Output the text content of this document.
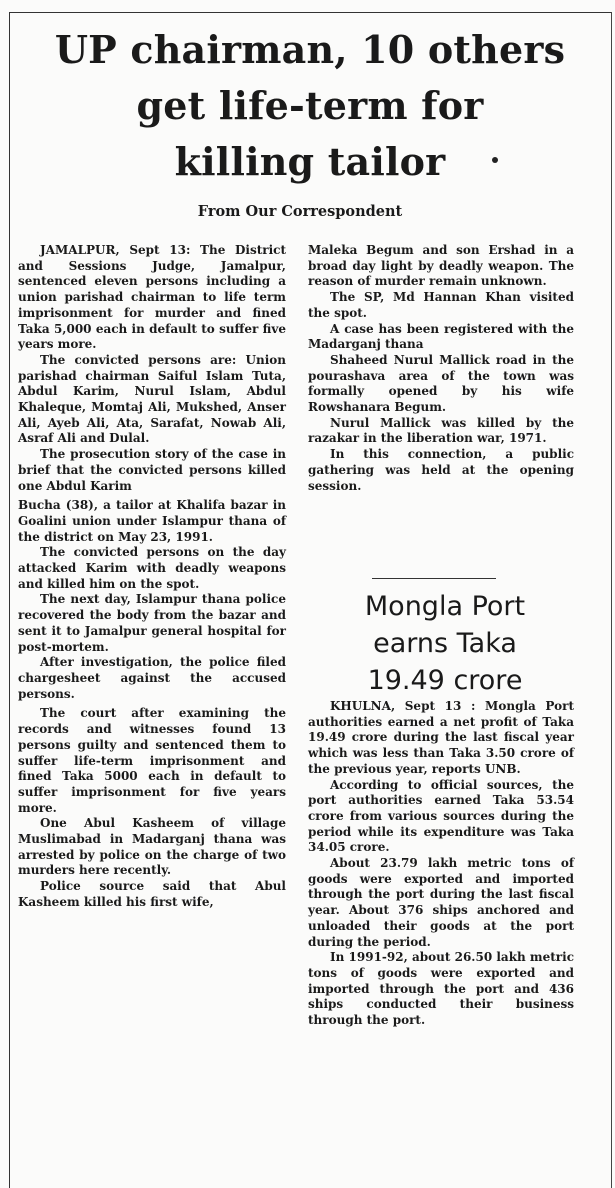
UP chairman, 10 others
get life-term for
killing tailor

From Our Correspondent

JAMALPUR, Sept 13: The District and Sessions Judge, Jamalpur, sentenced eleven persons including a union parishad chairman to life term imprisonment for murder and fined Taka 5,000 each in default to suffer five years more.

The convicted persons are: Union parishad chairman Saiful Islam Tuta, Abdul Karim, Nurul Islam, Abdul Khaleque, Momtaj Ali, Mukshed, Anser Ali, Ayeb Ali, Ata, Sarafat, Nowab Ali, Asraf Ali and Dulal.

The prosecution story of the case in brief that the convicted persons killed one Abdul Karim

Bucha (38), a tailor at Khalifa bazar in Goalini union under Islampur thana of the district on May 23, 1991.

The convicted persons on the day attacked Karim with deadly weapons and killed him on the spot.

The next day, Islampur thana police recovered the body from the bazar and sent it to Jamalpur general hospital for post-mortem.

After investigation, the police filed chargesheet against the accused persons.

The court after examining the records and witnesses found 13 persons guilty and sentenced them to suffer life-term imprisonment and fined Taka 5000 each in default to suffer imprisonment for five years more.

One Abul Kasheem of village Muslimabad in Madarganj thana was arrested by police on the charge of two murders here recently.

Police source said that Abul Kasheem killed his first wife,

Maleka Begum and son Ershad in a broad day light by deadly weapon. The reason of murder remain unknown.

The SP, Md Hannan Khan visited the spot.

A case has been registered with the Madarganj thana

Shaheed Nurul Mallick road in the pourashava area of the town was formally opened by his wife Rowshanara Begum.

Nurul Mallick was killed by the razakar in the liberation war, 1971.

In this connection, a public gathering was held at the opening session.

Mongla Port
earns Taka
19.49 crore

KHULNA, Sept 13 : Mongla Port authorities earned a net profit of Taka 19.49 crore during the last fiscal year which was less than Taka 3.50 crore of the previous year, reports UNB.

According to official sources, the port authorities earned Taka 53.54 crore from various sources during the period while its expenditure was Taka 34.05 crore.

About 23.79 lakh metric tons of goods were exported and imported through the port during the last fiscal year. About 376 ships anchored and unloaded their goods at the port during the period.

In 1991-92, about 26.50 lakh metric tons of goods were exported and imported through the port and 436 ships conducted their business through the port.
